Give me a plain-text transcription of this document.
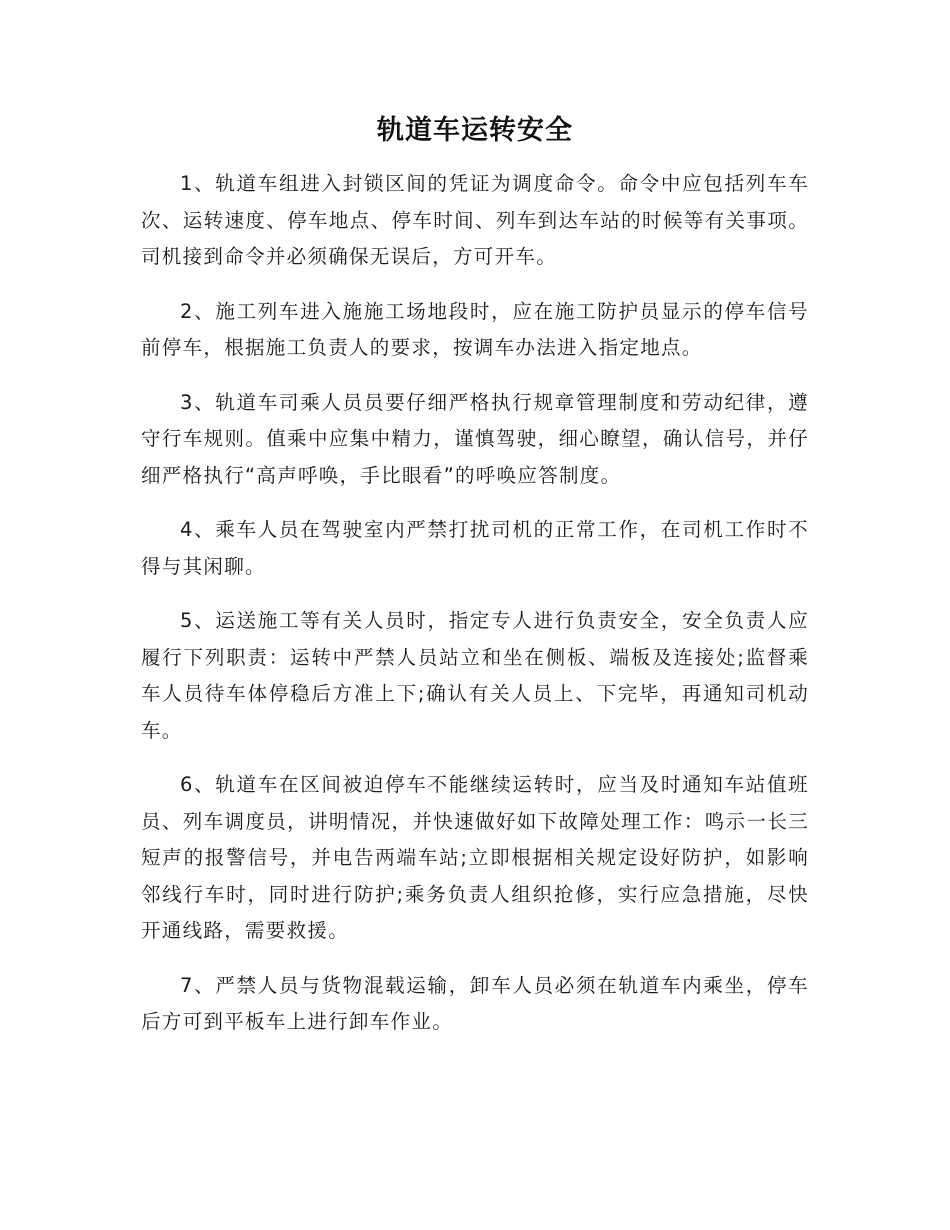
轨道车运转安全

1、轨道车组进入封锁区间的凭证为调度命令。命令中应包括列车车次、运转速度、停车地点、停车时间、列车到达车站的时候等有关事项。司机接到命令并必须确保无误后，方可开车。

2、施工列车进入施施工场地段时，应在施工防护员显示的停车信号前停车，根据施工负责人的要求，按调车办法进入指定地点。

3、轨道车司乘人员员要仔细严格执行规章管理制度和劳动纪律，遵守行车规则。值乘中应集中精力，谨慎驾驶，细心瞭望，确认信号，并仔细严格执行“高声呼唤，手比眼看”的呼唤应答制度。

4、乘车人员在驾驶室内严禁打扰司机的正常工作，在司机工作时不得与其闲聊。

5、运送施工等有关人员时，指定专人进行负责安全，安全负责人应履行下列职责：运转中严禁人员站立和坐在侧板、端板及连接处;监督乘车人员待车体停稳后方准上下;确认有关人员上、下完毕，再通知司机动车。

6、轨道车在区间被迫停车不能继续运转时，应当及时通知车站值班员、列车调度员，讲明情况，并快速做好如下故障处理工作：鸣示一长三短声的报警信号，并电告两端车站;立即根据相关规定设好防护，如影响邻线行车时，同时进行防护;乘务负责人组织抢修，实行应急措施，尽快开通线路，需要救援。

7、严禁人员与货物混载运输，卸车人员必须在轨道车内乘坐，停车后方可到平板车上进行卸车作业。
